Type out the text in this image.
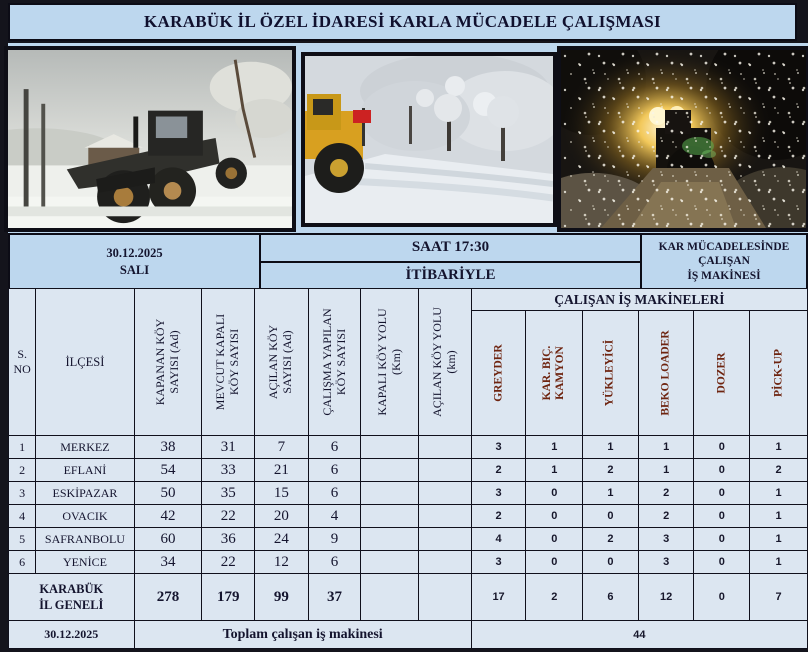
KARABÜK İL ÖZEL İDARESİ KARLA MÜCADELE ÇALIŞMASI
30.12.2025
SALI
SAAT 17:30
İTİBARİYLE
KAR MÜCADELESİNDE
ÇALIŞAN
İŞ MAKİNESİ
S.
NO	İLÇESİ	KAPANAN KÖY SAYISI (Ad)	MEVCUT KAPALI KÖY SAYISI	AÇILAN KÖY SAYISI (Ad)	ÇALIŞMA YAPILAN KÖY SAYISI	KAPALI KÖY YOLU (Km)	AÇILAN KÖY YOLU (km)	ÇALIŞAN İŞ MAKİNELERİ					

								GREYDER	KAR. BIÇ. KAMYON	YÜKLEYİCİ	BEKO LOADER	DOZER	PİCK-UP

1	MERKEZ	38	31	7	6			3	1	1	1	0	1
2	EFLANİ	54	33	21	6			2	1	2	1	0	2
3	ESKİPAZAR	50	35	15	6			3	0	1	2	0	1
4	OVACIK	42	22	20	4			2	0	0	2	0	1
5	SAFRANBOLU	60	36	24	9			4	0	2	3	0	1
6	YENİCE	34	22	12	6			3	0	0	3	0	1

KARABÜK
İL GENELİ		278	179	99	37			17	2	6	12	0	7
30.12.2025		Toplam çalışan iş makinesi						44					
